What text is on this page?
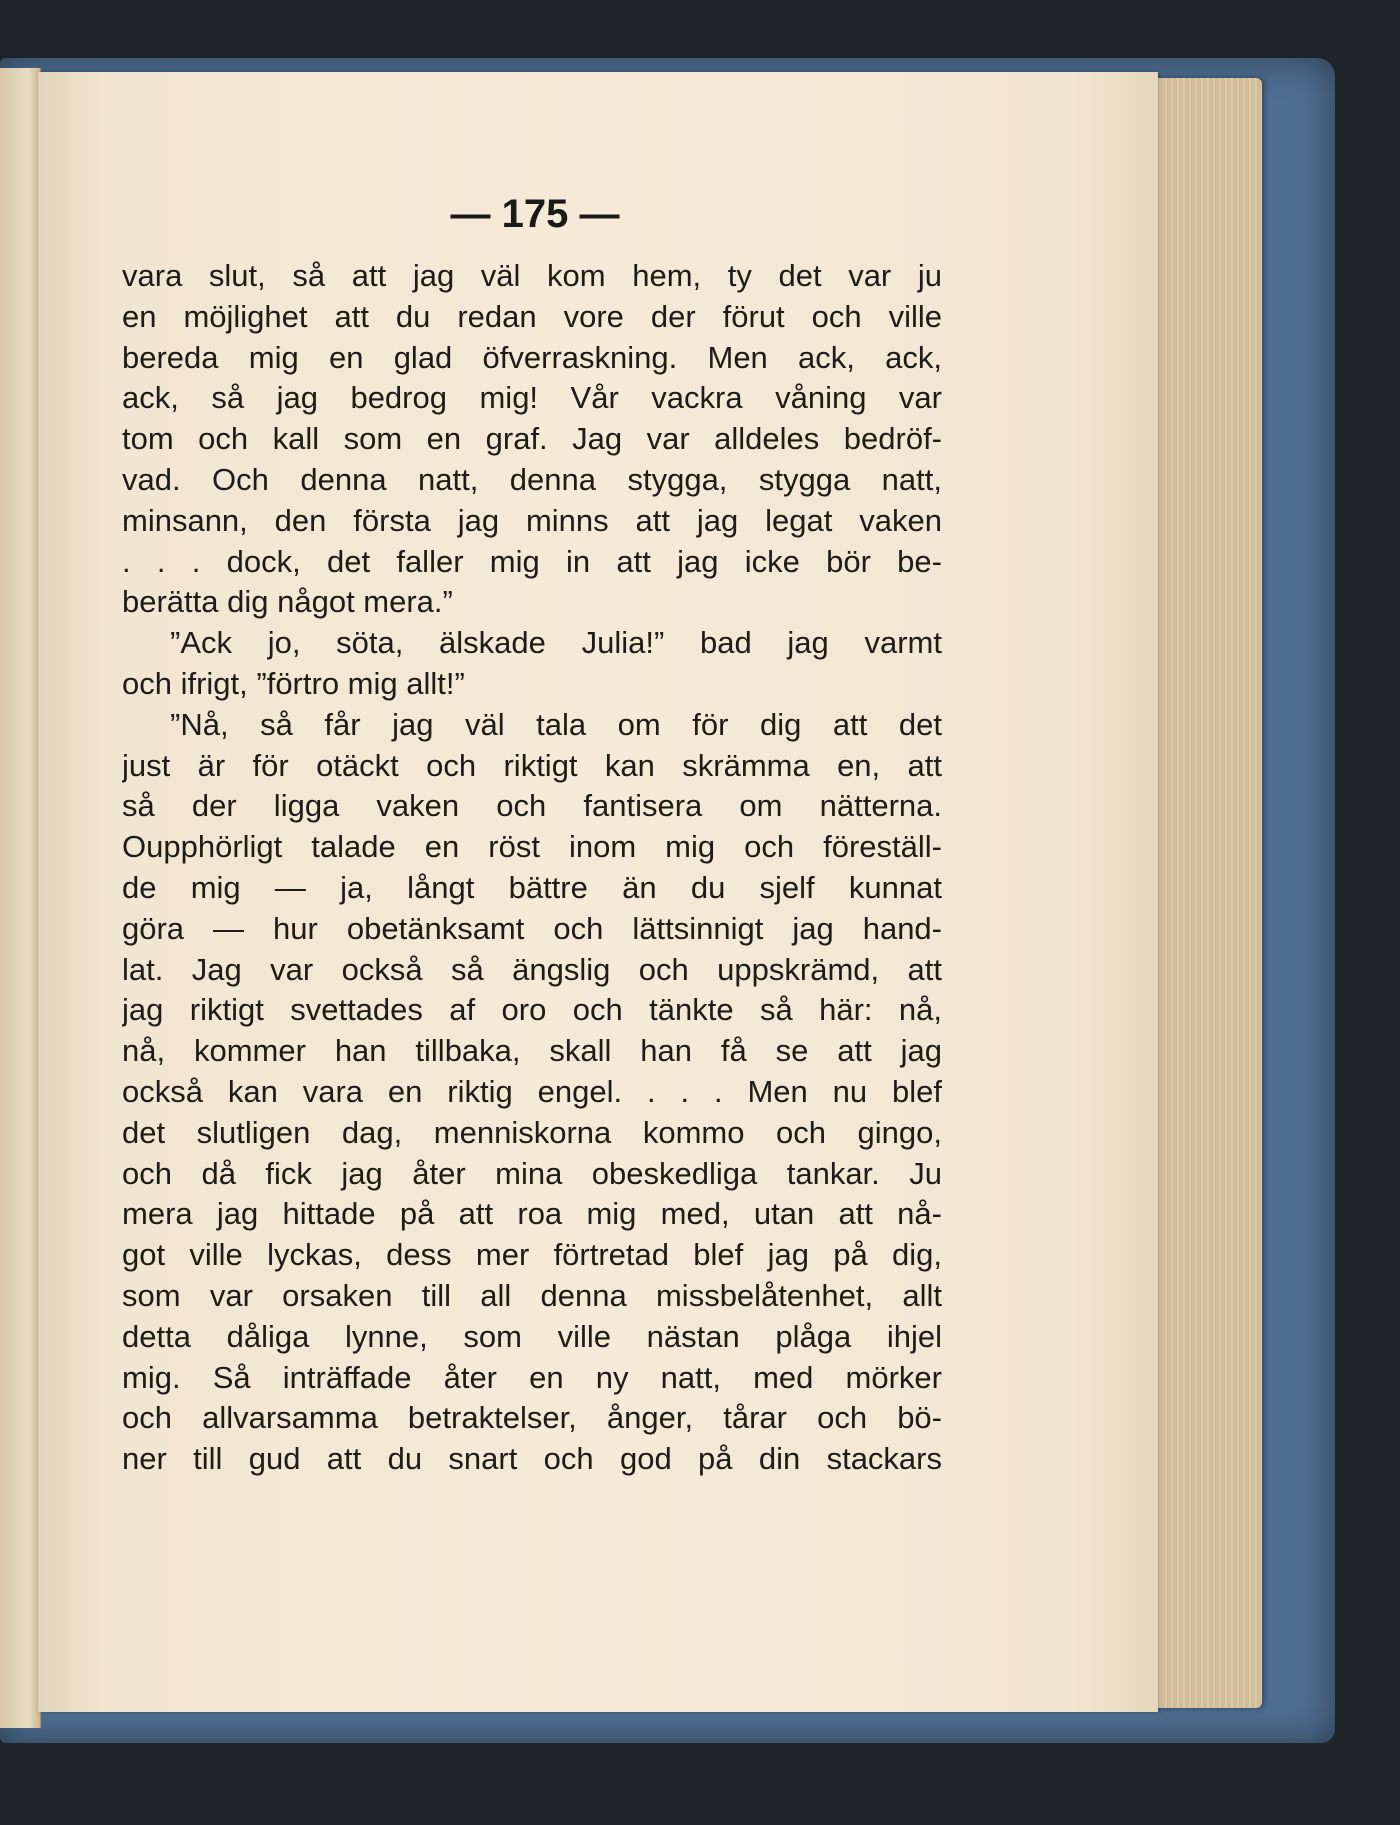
— 175 —
vara slut, så att jag väl kom hem, ty det var ju
en möjlighet att du redan vore der förut och ville
bereda mig en glad öfverraskning. Men ack, ack,
ack, så jag bedrog mig! Vår vackra våning var
tom och kall som en graf. Jag var alldeles bedröf-
vad. Och denna natt, denna stygga, stygga natt,
minsann, den första jag minns att jag legat vaken
. . . dock, det faller mig in att jag icke bör be-
berätta dig något mera.”
”Ack jo, söta, älskade Julia!” bad jag varmt
och ifrigt, ”förtro mig allt!”
”Nå, så får jag väl tala om för dig att det
just är för otäckt och riktigt kan skrämma en, att
så der ligga vaken och fantisera om nätterna.
Oupphörligt talade en röst inom mig och föreställ-
de mig — ja, långt bättre än du sjelf kunnat
göra — hur obetänksamt och lättsinnigt jag hand-
lat. Jag var också så ängslig och uppskrämd, att
jag riktigt svettades af oro och tänkte så här: nå,
nå, kommer han tillbaka, skall han få se att jag
också kan vara en riktig engel. . . . Men nu blef
det slutligen dag, menniskorna kommo och gingo,
och då fick jag åter mina obeskedliga tankar. Ju
mera jag hittade på att roa mig med, utan att nå-
got ville lyckas, dess mer förtretad blef jag på dig,
som var orsaken till all denna missbelåtenhet, allt
detta dåliga lynne, som ville nästan plåga ihjel
mig. Så inträffade åter en ny natt, med mörker
och allvarsamma betraktelser, ånger, tårar och bö-
ner till gud att du snart och god på din stackars
